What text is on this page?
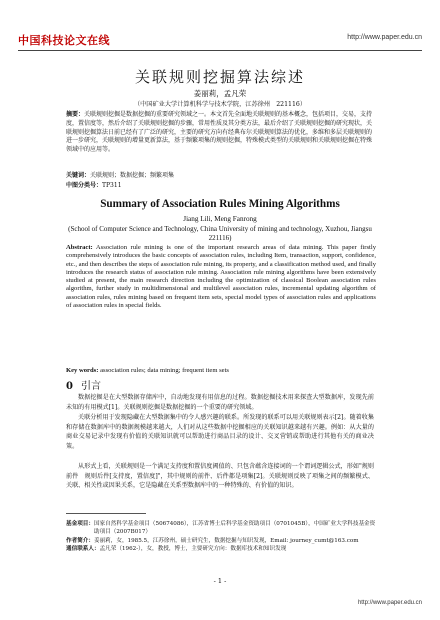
中国科技论文在线	http://www.paper.edu.cn
关联规则挖掘算法综述
姜丽莉，孟凡荣
（中国矿业大学计算机科学与技术学院，江苏徐州　221116）
摘要：关联规则挖掘是数据挖掘的重要研究领域之一。本文首先全面地关联规则的基本概念，包括项目，交易，支持度，置信度等，然后介绍了关联规则挖掘的步骤，常用性质及其分类方法，最后介绍了关联规则挖掘的研究现状，关联规则挖掘算法日前已经有了广泛的研究，主要的研究方向有经典布尔关联规则算法的优化，多维和多层关联规则的进一步研究，关联规则的增量更新算法，基于频繁项集的规则挖掘，特殊模式类型的关联规则和关联规则挖掘在特殊领域中的应用等。
关键词：关联规则；数据挖掘；频繁项集
中图分类号：TP311
Summary of Association Rules Mining Algorithms
Jiang Lili, Meng Fanrong
(School of Computer Science and Technology, China University of mining and technology, Xuzhou, Jiangsu　221116)
Abstract: Association rule mining is one of the important research areas of data mining. This paper firstly comprehensively introduces the basic concepts of association rules, including Item, transaction, support, confidence, etc., and then describes the steps of association rule mining, its property, and a classification method used, and finally introduces the research status of association rule mining. Association rule mining algorithms have been extensively studied at present, the main research direction including the optimization of classical Boolean association rules algorithm, further study in multidimensional and multilevel association rules, incremental updating algorithm of association rules, rules mining based on frequent item sets, special model types of association rules and applications of association rules in special fields.
Key words: association rules; data mining; frequent item sets
0 引言
数据挖掘是在大型数据存储库中，自动地发现有用信息的过程。数据挖掘技术用来探查大型数据库，发现先前未知的有用模式[1]。关联规则挖掘是数据挖掘的一个重要的研究领域。
关联分析用于发现隐藏在大型数据集中的令人感兴趣的联系。所发现的联系可以用关联规则表示[2]。随着收集和存储在数据库中的数据规模越来越大，人们对从这些数据中挖掘相应的关联知识越来越有兴趣。例如：从大量的商业交易记录中发现有价值的关联知识就可以帮助进行商品目录的设计、交叉营销或帮助进行其他有关的商业决策。
从形式上看，关联规则是一个满足支持度和置信度阈值的、只包含蕴含连接词的一个谓词逻辑公式，形如"规则前件　规则后件[支持度，置信度]"，其中规则的前件、后件都是项集[2]。关联规则反映了项集之间的频繁模式、关联、相关性或因果关系，它是隐藏在关系型数据库中的一种特殊的、有价值的知识。
基金项目： 国家自然科学基金项目（50674086），江苏省博士后科学基金资助项目（0701045B），中国矿业大学科技基金资助项目（2007B017）
作者简介： 姜丽莉，女，1985.5，江苏徐州，硕士研究生，数据挖掘与知识发现，Email: journey_cumt@163.com
通信联系人： 孟凡荣（1962-），女，教授，博士，主要研究方向：数据库技术和知识发现
- 1 -
http://www.paper.edu.cn
